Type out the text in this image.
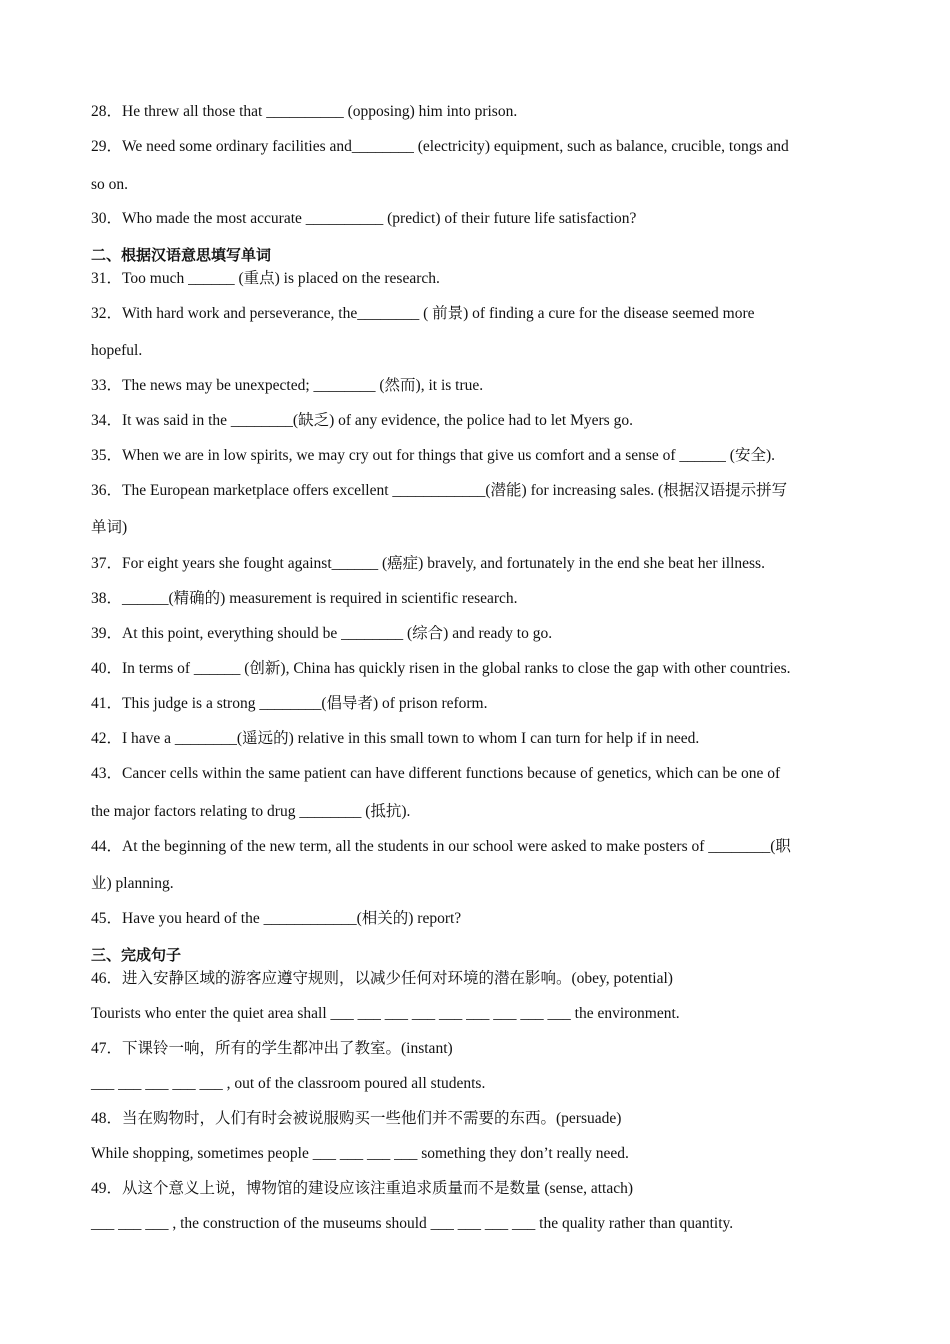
28．He threw all those that __________ (opposing) him into prison.
29．We need some ordinary facilities and________ (electricity) equipment, such as balance, crucible, tongs and
so on.
30．Who made the most accurate __________ (predict) of their future life satisfaction?
二、根据汉语意思填写单词
31．Too much ______ (重点) is placed on the research.
32．With hard work and perseverance, the________ ( 前景) of finding a cure for the disease seemed more
hopeful.
33．The news may be unexpected; ________ (然而), it is true.
34．It was said in the ________(缺乏) of any evidence, the police had to let Myers go.
35．When we are in low spirits, we may cry out for things that give us comfort and a sense of ______ (安全).
36．The European marketplace offers excellent ____________(潜能) for increasing sales. (根据汉语提示拼写
单词)
37．For eight years she fought against______ (癌症) bravely, and fortunately in the end she beat her illness.
38．______(精确的) measurement is required in scientific research.
39．At this point, everything should be ________ (综合) and ready to go.
40．In terms of ______ (创新), China has quickly risen in the global ranks to close the gap with other countries.
41．This judge is a strong ________(倡导者) of prison reform.
42．I have a ________(遥远的) relative in this small town to whom I can turn for help if in need.
43．Cancer cells within the same patient can have different functions because of genetics, which can be one of
the major factors relating to drug ________ (抵抗).
44．At the beginning of the new term, all the students in our school were asked to make posters of ________(职
业) planning.
45．Have you heard of the ____________(相关的) report?
三、完成句子
46．进入安静区域的游客应遵守规则，以减少任何对环境的潜在影响。(obey, potential)
Tourists who enter the quiet area shall ___ ___ ___ ___ ___ ___ ___ ___ ___ the environment.
47．下课铃一响，所有的学生都冲出了教室。(instant)
___ ___ ___ ___ ___ , out of the classroom poured all students.
48．当在购物时，人们有时会被说服购买一些他们并不需要的东西。(persuade)
While shopping, sometimes people ___ ___ ___ ___ something they don’t really need.
49．从这个意义上说，博物馆的建设应该注重追求质量而不是数量 (sense, attach)
___ ___ ___ , the construction of the museums should ___ ___ ___ ___ the quality rather than quantity.
